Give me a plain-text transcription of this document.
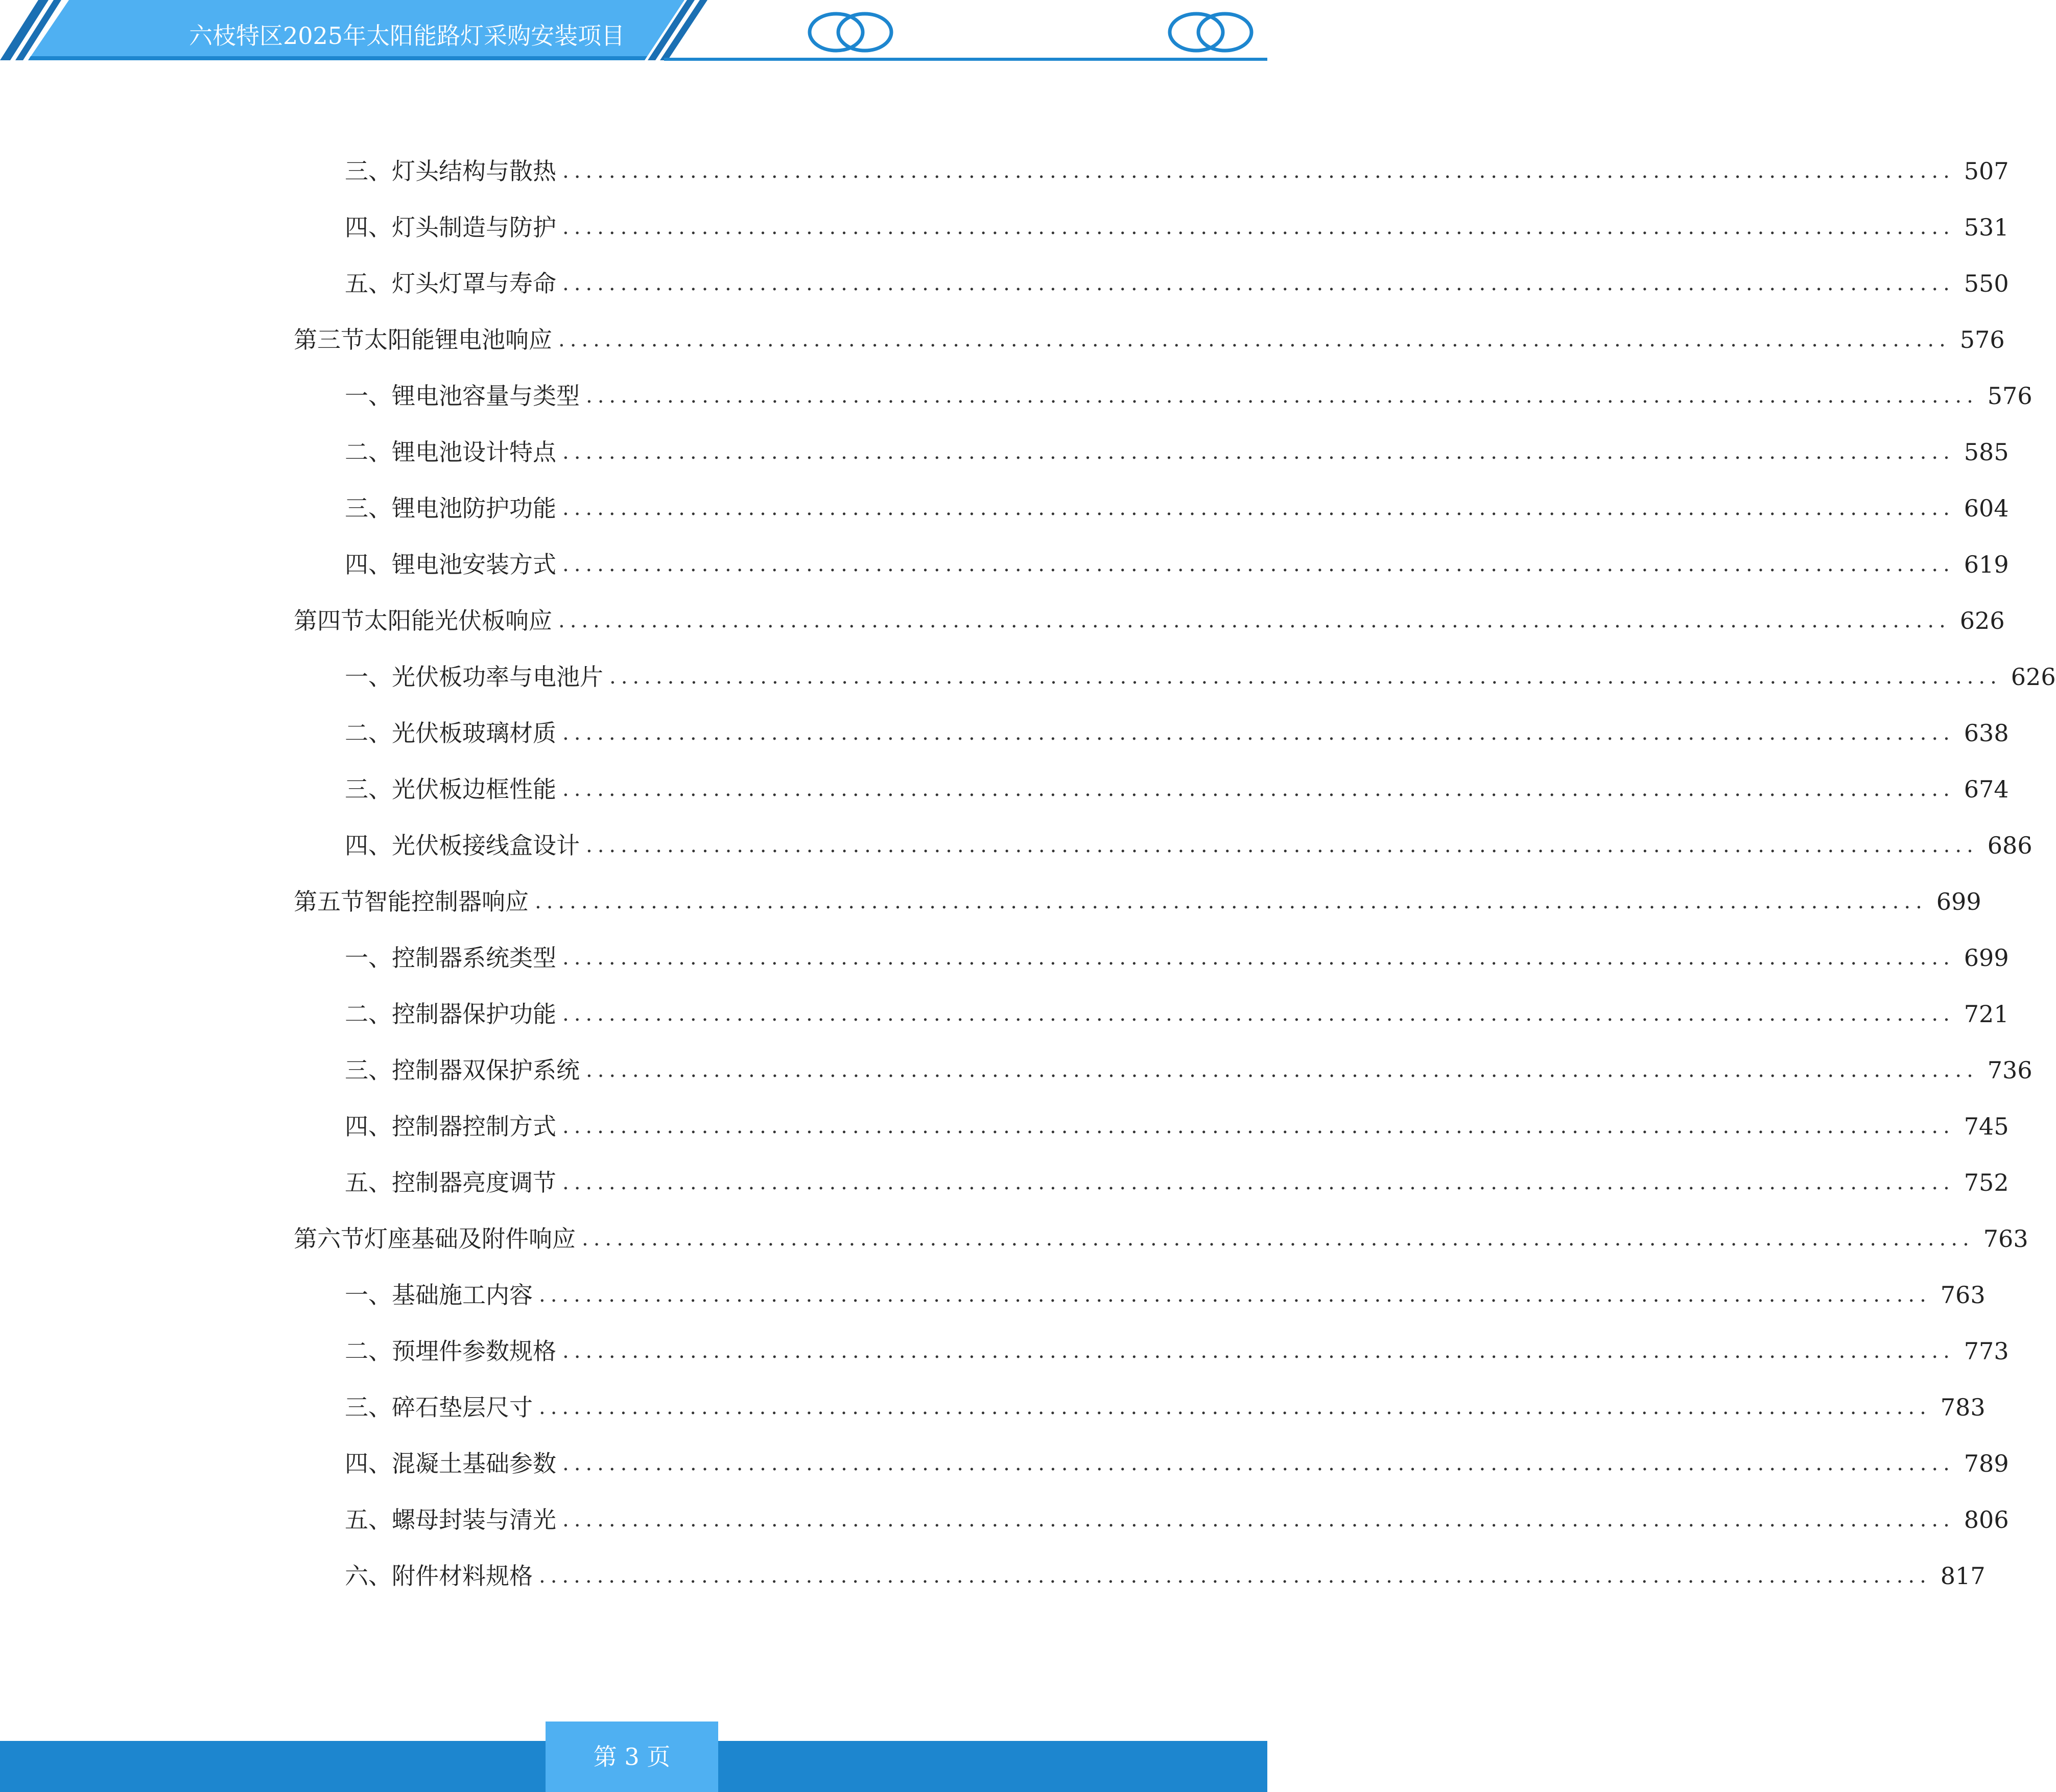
六枝特区2025年太阳能路灯采购安装项目
三、 灯头结构与散热 ........................................................................................................................ 507
四、 灯头制造与防护 ........................................................................................................................ 531
五、 灯头灯罩与寿命 ........................................................................................................................ 550
第三节 太阳能锂电池响应 ........................................................................................................................ 576
一、 锂电池容量与类型 ........................................................................................................................ 576
二、 锂电池设计特点 ........................................................................................................................ 585
三、 锂电池防护功能 ........................................................................................................................ 604
四、 锂电池安装方式 ........................................................................................................................ 619
第四节 太阳能光伏板响应 ........................................................................................................................ 626
一、 光伏板功率与电池片 ........................................................................................................................ 626
二、 光伏板玻璃材质 ........................................................................................................................ 638
三、 光伏板边框性能 ........................................................................................................................ 674
四、 光伏板接线盒设计 ........................................................................................................................ 686
第五节 智能控制器响应 ........................................................................................................................ 699
一、 控制器系统类型 ........................................................................................................................ 699
二、 控制器保护功能 ........................................................................................................................ 721
三、 控制器双保护系统 ........................................................................................................................ 736
四、 控制器控制方式 ........................................................................................................................ 745
五、 控制器亮度调节 ........................................................................................................................ 752
第六节 灯座基础及附件响应 ........................................................................................................................ 763
一、 基础施工内容 ........................................................................................................................ 763
二、 预埋件参数规格 ........................................................................................................................ 773
三、 碎石垫层尺寸 ........................................................................................................................ 783
四、 混凝土基础参数 ........................................................................................................................ 789
五、 螺母封装与清光 ........................................................................................................................ 806
六、 附件材料规格 ........................................................................................................................ 817
第 3 页
